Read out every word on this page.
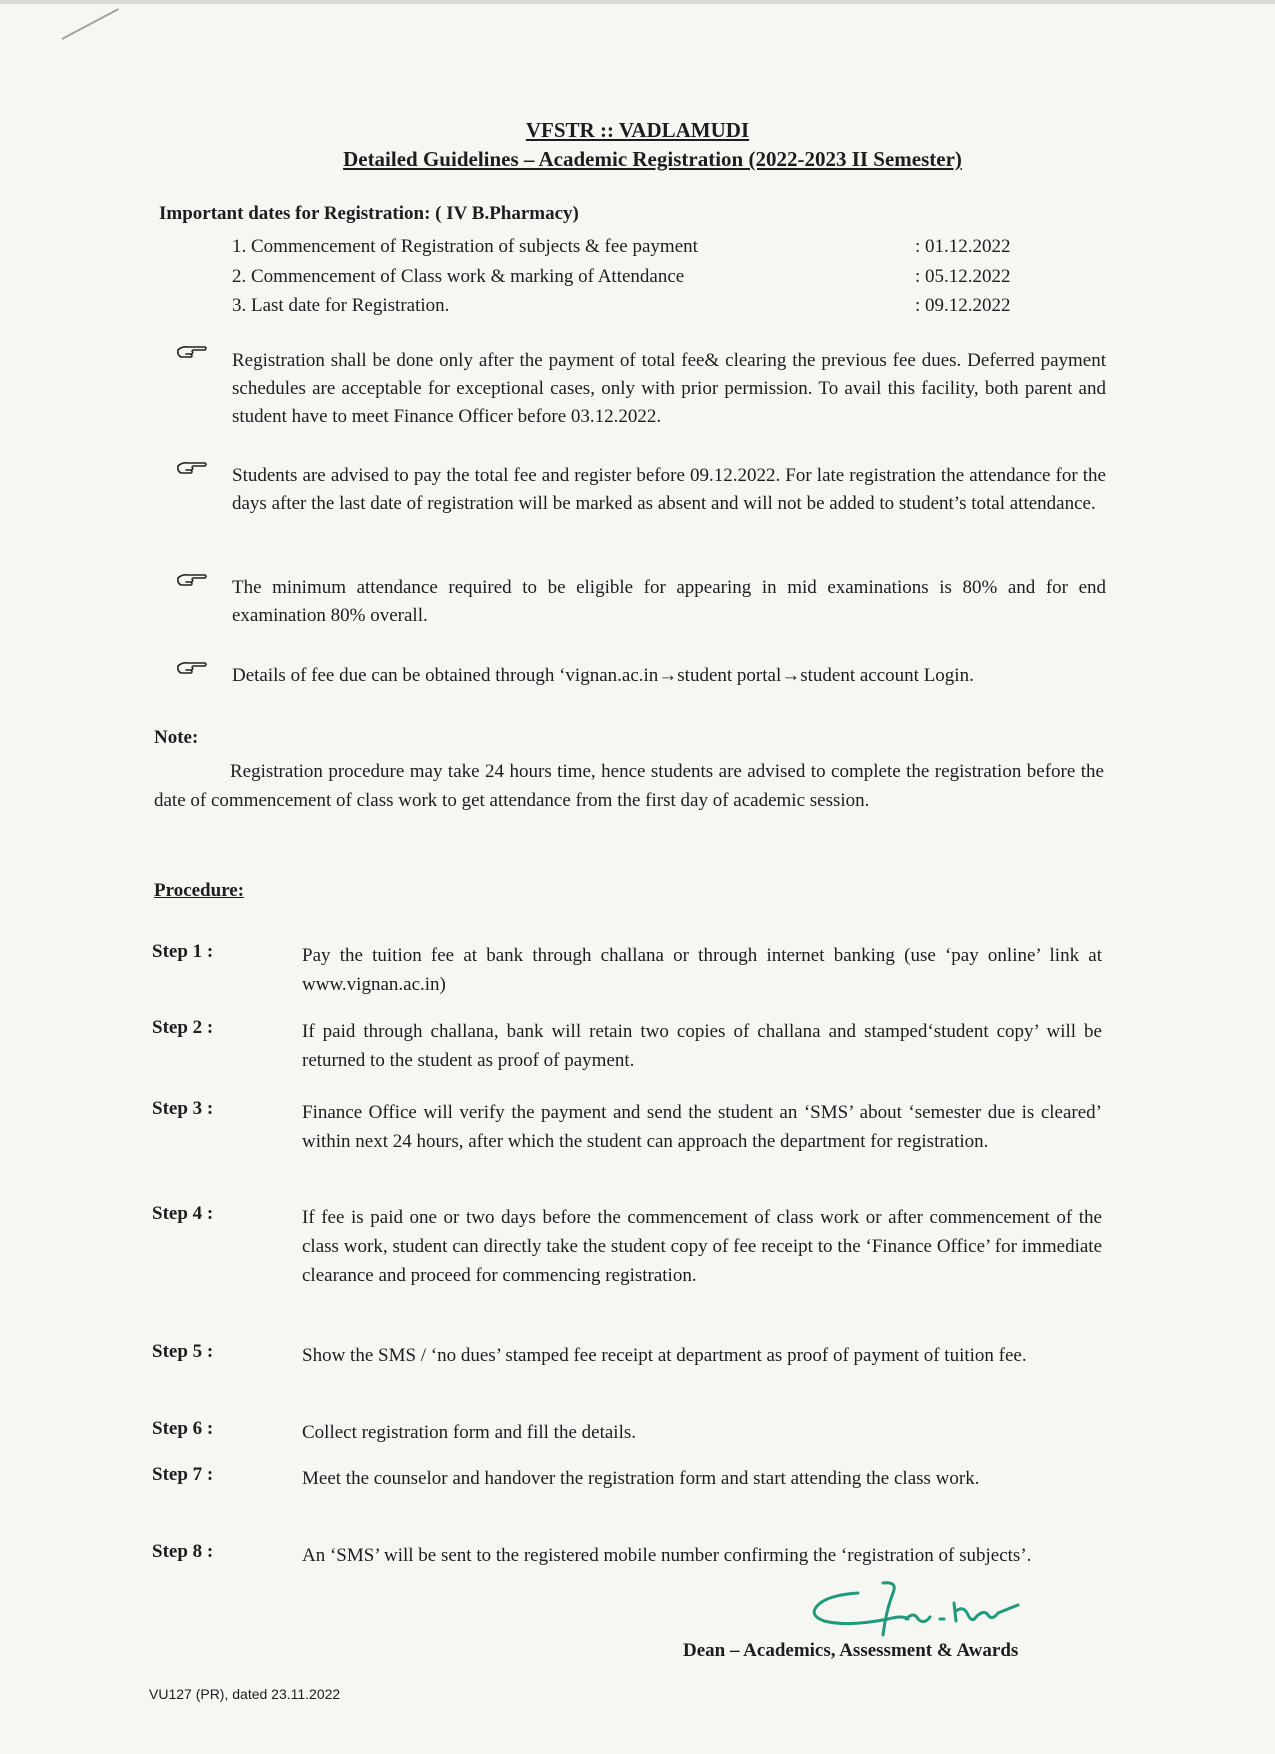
VFSTR :: VADLAMUDI
Detailed Guidelines – Academic Registration (2022-2023 II Semester)
Important dates for Registration: ( IV B.Pharmacy)
1. Commencement of Registration of subjects & fee payment	: 01.12.2022
2. Commencement of Class work & marking of Attendance	: 05.12.2022
3. Last date for Registration.	: 09.12.2022
Registration shall be done only after the payment of total fee& clearing the previous fee dues. Deferred payment schedules are acceptable for exceptional cases, only with prior permission. To avail this facility, both parent and student have to meet Finance Officer before 03.12.2022.
Students are advised to pay the total fee and register before 09.12.2022. For late registration the attendance for the days after the last date of registration will be marked as absent and will not be added to student’s total attendance.
The minimum attendance required to be eligible for appearing in mid examinations is 80% and for end examination 80% overall.
Details of fee due can be obtained through ‘vignan.ac.in→student portal→student account Login.
Note:
Registration procedure may take 24 hours time, hence students are advised to complete the registration before the date of commencement of class work to get attendance from the first day of academic session.
Procedure:
Step 1 :	Pay the tuition fee at bank through challana or through internet banking (use ‘pay online’ link at www.vignan.ac.in)
Step 2 :	If paid through challana, bank will retain two copies of challana and stamped‘student copy’ will be returned to the student as proof of payment.
Step 3 :	Finance Office will verify the payment and send the student an ‘SMS’ about ‘semester due is cleared’ within next 24 hours, after which the student can approach the department for registration.
Step 4 :	If fee is paid one or two days before the commencement of class work or after commencement of the class work, student can directly take the student copy of fee receipt to the ‘Finance Office’ for immediate clearance and proceed for commencing registration.
Step 5 :	Show the SMS / ‘no dues’ stamped fee receipt at department as proof of payment of tuition fee.
Step 6 :	Collect registration form and fill the details.
Step 7 :	Meet the counselor and handover the registration form and start attending the class work.
Step 8 :	An ‘SMS’ will be sent to the registered mobile number confirming the ‘registration of subjects’.
Dean – Academics, Assessment & Awards
VU127 (PR), dated 23.11.2022
